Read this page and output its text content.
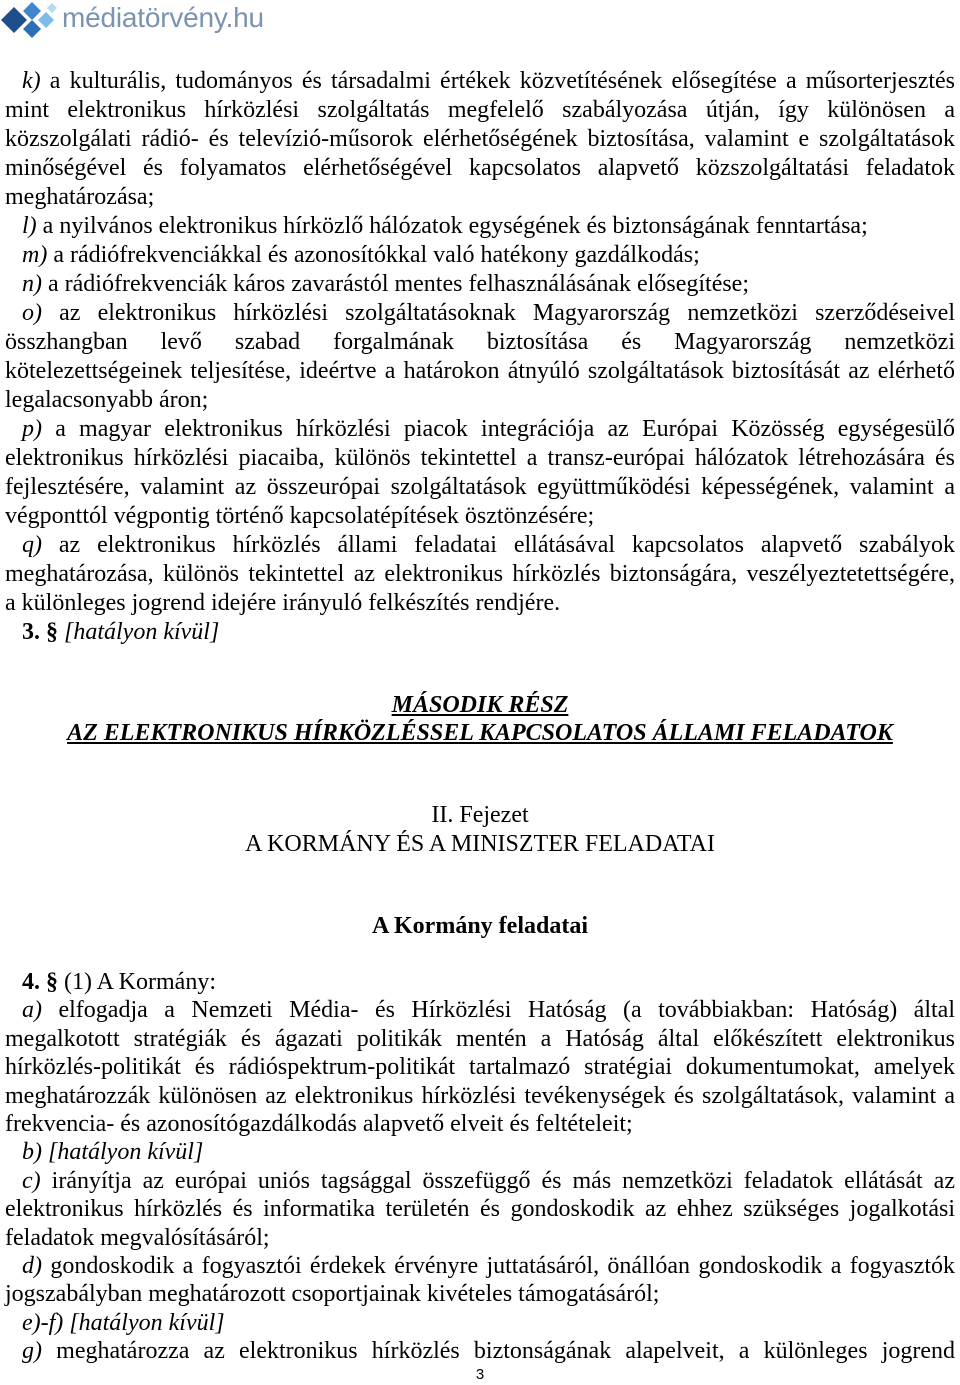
médiatörvény.hu
k) a kulturális, tudományos és társadalmi értékek közvetítésének elősegítése a műsorterjesztés
mint elektronikus hírközlési szolgáltatás megfelelő szabályozása útján, így különösen a
közszolgálati rádió- és televízió-műsorok elérhetőségének biztosítása, valamint e szolgáltatások
minőségével és folyamatos elérhetőségével kapcsolatos alapvető közszolgáltatási feladatok
meghatározása;
l) a nyilvános elektronikus hírközlő hálózatok egységének és biztonságának fenntartása;
m) a rádiófrekvenciákkal és azonosítókkal való hatékony gazdálkodás;
n) a rádiófrekvenciák káros zavarástól mentes felhasználásának elősegítése;
o) az elektronikus hírközlési szolgáltatásoknak Magyarország nemzetközi szerződéseivel
összhangban levő szabad forgalmának biztosítása és Magyarország nemzetközi
kötelezettségeinek teljesítése, ideértve a határokon átnyúló szolgáltatások biztosítását az elérhető
legalacsonyabb áron;
p) a magyar elektronikus hírközlési piacok integrációja az Európai Közösség egységesülő
elektronikus hírközlési piacaiba, különös tekintettel a transz-európai hálózatok létrehozására és
fejlesztésére, valamint az összeurópai szolgáltatások együttműködési képességének, valamint a
végponttól végpontig történő kapcsolatépítések ösztönzésére;
q) az elektronikus hírközlés állami feladatai ellátásával kapcsolatos alapvető szabályok
meghatározása, különös tekintettel az elektronikus hírközlés biztonságára, veszélyeztetettségére,
a különleges jogrend idejére irányuló felkészítés rendjére.
3. § [hatályon kívül]
MÁSODIK RÉSZ
AZ ELEKTRONIKUS HÍRKÖZLÉSSEL KAPCSOLATOS ÁLLAMI FELADATOK
II. Fejezet
A KORMÁNY ÉS A MINISZTER FELADATAI
A Kormány feladatai
4. § (1) A Kormány:
a) elfogadja a Nemzeti Média- és Hírközlési Hatóság (a továbbiakban: Hatóság) által
megalkotott stratégiák és ágazati politikák mentén a Hatóság által előkészített elektronikus
hírközlés-politikát és rádióspektrum-politikát tartalmazó stratégiai dokumentumokat, amelyek
meghatározzák különösen az elektronikus hírközlési tevékenységek és szolgáltatások, valamint a
frekvencia- és azonosítógazdálkodás alapvető elveit és feltételeit;
b) [hatályon kívül]
c) irányítja az európai uniós tagsággal összefüggő és más nemzetközi feladatok ellátását az
elektronikus hírközlés és informatika területén és gondoskodik az ehhez szükséges jogalkotási
feladatok megvalósításáról;
d) gondoskodik a fogyasztói érdekek érvényre juttatásáról, önállóan gondoskodik a fogyasztók
jogszabályban meghatározott csoportjainak kivételes támogatásáról;
e)-f) [hatályon kívül]
g) meghatározza az elektronikus hírközlés biztonságának alapelveit, a különleges jogrend
3
